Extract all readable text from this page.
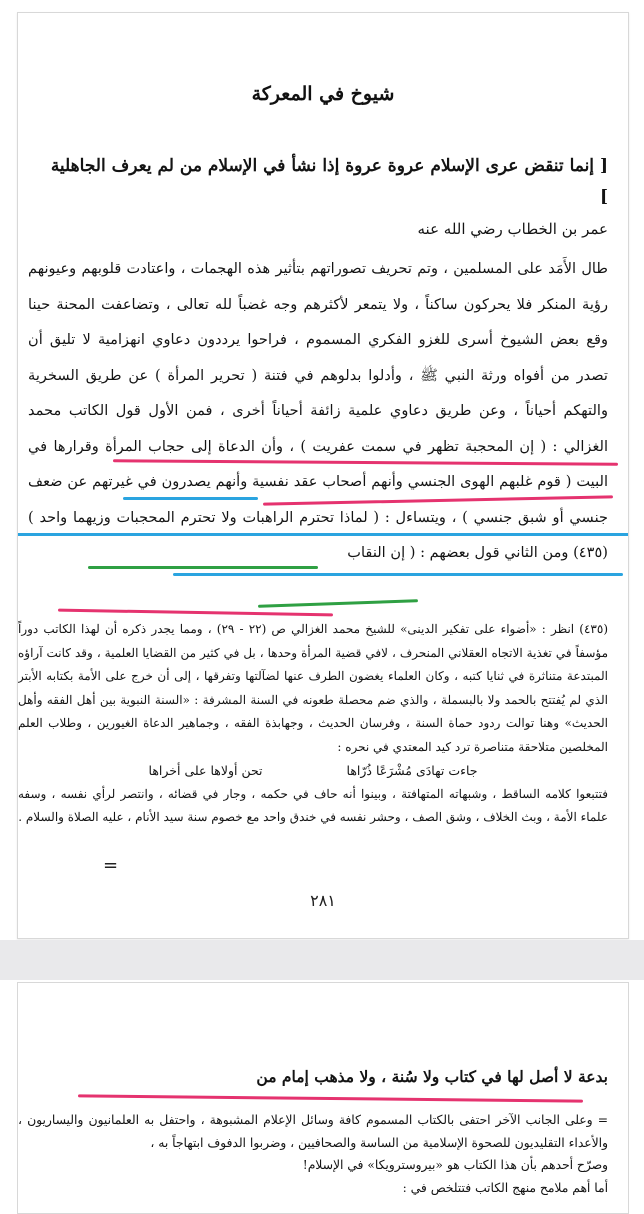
شيوخ في المعركة
[ إنما تنقض عرى الإسلام عروة عروة إذا نشأ في الإسلام من لم يعرف الجاهلية ]
عمر بن الخطاب رضي الله عنه

طال الأَمَد على المسلمين ، وتم تحريف تصوراتهم بتأثير هذه الهجمات ، واعتادت قلوبهم وعيونهم رؤية المنكر فلا يحركون ساكناً ، ولا يتمعر لأكثرهم وجه غضباً لله تعالى ، وتضاعفت المحنة حينا وقع بعض الشيوخ أسرى للغزو الفكري المسموم ، فراحوا يرددون دعاوي انهزامية لا تليق أن تصدر من أفواه ورثة النبي ﷺ ، وأدلوا بدلوهم في فتنة ( تحرير المرأة ) عن طريق السخرية والتهكم أحياناً ، وعن طريق دعاوي علمية زائفة أحياناً أخرى ، فمن الأول قول الكاتب محمد الغزالي : ( إن المحجبة تظهر في سمت عفريت ) ، وأن الدعاة إلى حجاب المرأة وقرارها في البيت ( قوم غلبهم الهوى الجنسي وأنهم أصحاب عقد نفسية وأنهم يصدرون في غيرتهم عن ضعف جنسي أو شبق جنسي ) ، ويتساءل : ( لماذا تحترم الراهبات ولا تحترم المحجبات وزيهما واحد ) (٤٣٥) ومن الثاني قول بعضهم : ( إن النقاب

(٤٣٥) انظر : «أضواء على تفكير الدينى» للشيخ محمد الغزالي ص (٢٢ - ٢٩) ، ومما يجدر ذكره أن لهذا الكاتب دوراً مؤسفاً في تغذية الاتجاه العقلاني المنحرف ، لافي قضية المرأة وحدها ، بل في كثير من القضايا العلمية ، وقد كانت آراؤه المبتدعة متناثرة في ثنايا كتبه ، وكان العلماء يغضون الطرف عنها لضآلتها وتفرقها ، إلى أن خرج على الأمة بكتابه الأبتر الذي لم يُفتتح بالحمد ولا بالبسملة ، والذي ضم محصلة طعونه في السنة المشرفة : «السنة النبوية بين أهل الفقه وأهل الحديث» وهنا توالت ردود حماة السنة ، وفرسان الحديث ، وجهابذة الفقه ، وجماهير الدعاة الغيورين ، وطلاب العلم المخلصين متلاحقة متناصرة ترد كيد المعتدي في نحره :

جاءت تهادَى مُشْرَعًا ذُرّاها
تحن أولاها على أخراها

فتتبعوا كلامه الساقط ، وشبهاته المتهافتة ، وبينوا أنه حاف في حكمه ، وجار في قضائه ، وانتصر لرأي نفسه ، وسفه علماء الأمة ، وبث الخلاف ، وشق الصف ، وحشر نفسه في خندق واحد مع خصوم سنة سيد الأنام ، عليه الصلاة والسلام .

=
٢٨١
بدعة لا أصل لها في كتاب ولا سُنة ، ولا مذهب إمام من

= وعلى الجانب الآخر احتفى بالكتاب المسموم كافة وسائل الإعلام المشبوهة ، واحتفل به العلمانيون واليساريون ، والأعداء التقليديون للصحوة الإسلامية من الساسة والصحافيين ، وضربوا الدفوف ابتهاجاً به ،

وصرّح أحدهم بأن هذا الكتاب هو «بيروسترويكا» في الإسلام!

أما أهم ملامح منهج الكاتب فتتلخص في :
